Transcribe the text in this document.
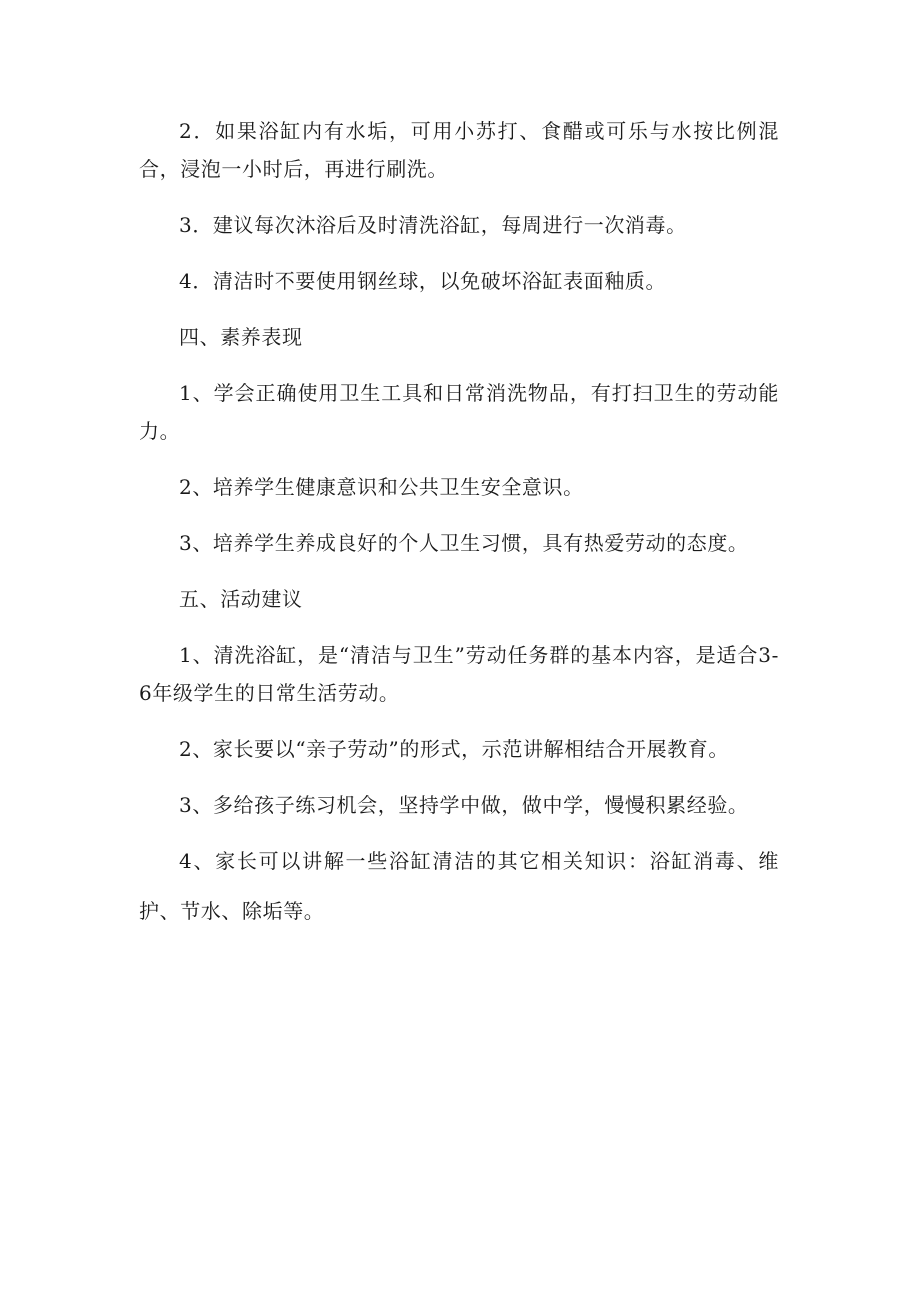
2．如果浴缸内有水垢，可用小苏打、食醋或可乐与水按比例混合，浸泡一小时后，再进行刷洗。

3．建议每次沐浴后及时清洗浴缸，每周进行一次消毒。

4．清洁时不要使用钢丝球，以免破坏浴缸表面釉质。

四、素养表现

1、学会正确使用卫生工具和日常消洗物品，有打扫卫生的劳动能力。

2、培养学生健康意识和公共卫生安全意识。

3、培养学生养成良好的个人卫生习惯，具有热爱劳动的态度。

五、活动建议

1、清洗浴缸，是“清洁与卫生”劳动任务群的基本内容，是适合3-6年级学生的日常生活劳动。

2、家长要以“亲子劳动”的形式，示范讲解相结合开展教育。

3、多给孩子练习机会，坚持学中做，做中学，慢慢积累经验。

4、家长可以讲解一些浴缸清洁的其它相关知识：浴缸消毒、维护、节水、除垢等。
